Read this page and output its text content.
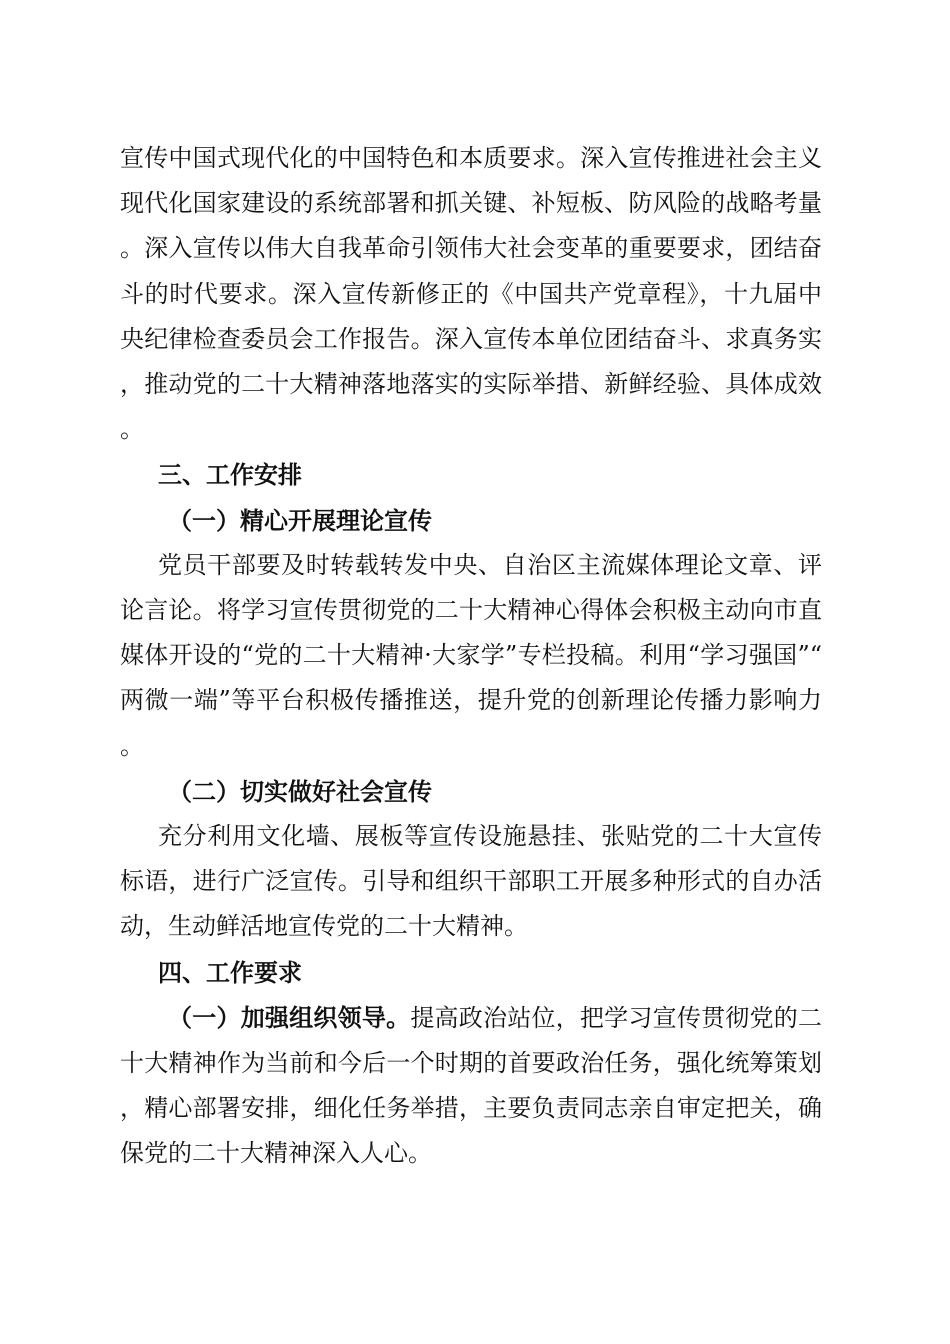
宣传中国式现代化的中国特色和本质要求。深入宣传推进社会主义现代化国家建设的系统部署和抓关键、补短板、防风险的战略考量。深入宣传以伟大自我革命引领伟大社会变革的重要要求，团结奋斗的时代要求。深入宣传新修正的《中国共产党章程》，十九届中央纪律检查委员会工作报告。深入宣传本单位团结奋斗、求真务实，推动党的二十大精神落地落实的实际举措、新鲜经验、具体成效。

三、工作安排

（一）精心开展理论宣传

党员干部要及时转载转发中央、自治区主流媒体理论文章、评论言论。将学习宣传贯彻党的二十大精神心得体会积极主动向市直媒体开设的“党的二十大精神·大家学”专栏投稿。利用“学习强国”“两微一端”等平台积极传播推送，提升党的创新理论传播力影响力。

（二）切实做好社会宣传

充分利用文化墙、展板等宣传设施悬挂、张贴党的二十大宣传标语，进行广泛宣传。引导和组织干部职工开展多种形式的自办活动，生动鲜活地宣传党的二十大精神。

四、工作要求

（一）加强组织领导。提高政治站位，把学习宣传贯彻党的二十大精神作为当前和今后一个时期的首要政治任务，强化统筹策划，精心部署安排，细化任务举措，主要负责同志亲自审定把关，确保党的二十大精神深入人心。
